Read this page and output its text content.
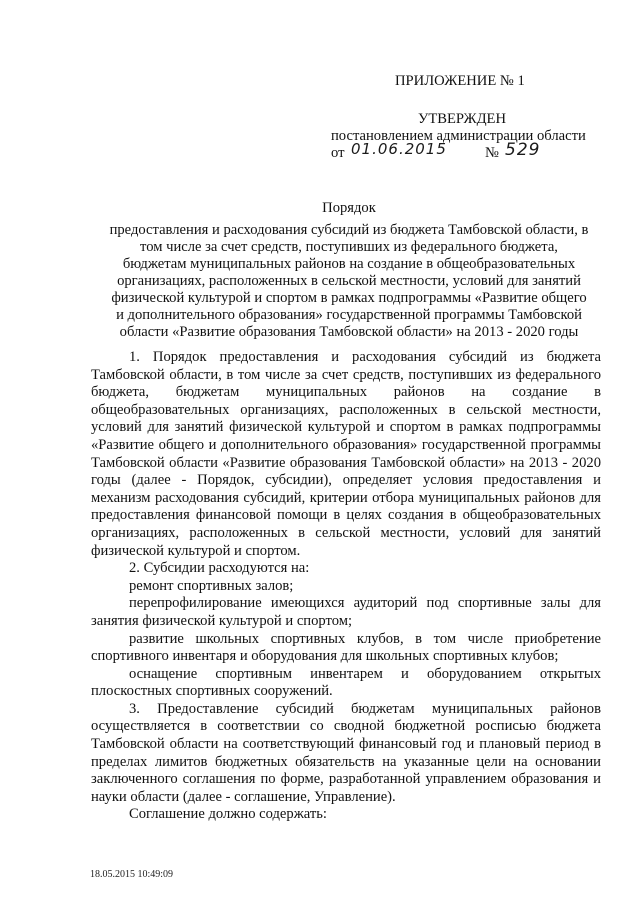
ПРИЛОЖЕНИЕ № 1
УТВЕРЖДЕН
постановлением администрации области
от 01.06.2015	№ 529
Порядок
предоставления и расходования субсидий из бюджета Тамбовской области, в
том числе за счет средств, поступивших из федерального бюджета,
бюджетам муниципальных районов на создание в общеобразовательных
организациях, расположенных в сельской местности, условий для занятий
физической культурой и спортом в рамках подпрограммы «Развитие общего
и дополнительного образования» государственной программы Тамбовской
области «Развитие образования Тамбовской области» на 2013 - 2020 годы

1. Порядок предоставления и расходования субсидий из бюджета Тамбовской области, в том числе за счет средств, поступивших из федерального бюджета, бюджетам муниципальных районов на создание в общеобразовательных организациях, расположенных в сельской местности, условий для занятий физической культурой и спортом в рамках подпрограммы «Развитие общего и дополнительного образования» государственной программы Тамбовской области «Развитие образования Тамбовской области» на 2013 - 2020 годы (далее - Порядок, субсидии), определяет условия предоставления и механизм расходования субсидий, критерии отбора муниципальных районов для предоставления финансовой помощи в целях создания в общеобразовательных организациях, расположенных в сельской местности, условий для занятий физической культурой и спортом.

2. Субсидии расходуются на:

ремонт спортивных залов;

перепрофилирование имеющихся аудиторий под спортивные залы для занятия физической культурой и спортом;

развитие школьных спортивных клубов, в том числе приобретение спортивного инвентаря и оборудования для школьных спортивных клубов;

оснащение спортивным инвентарем и оборудованием открытых плоскостных спортивных сооружений.

3. Предоставление субсидий бюджетам муниципальных районов осуществляется в соответствии со сводной бюджетной росписью бюджета Тамбовской области на соответствующий финансовый год и плановый период в пределах лимитов бюджетных обязательств на указанные цели на основании заключенного соглашения по форме, разработанной управлением образования и науки области (далее - соглашение, Управление).

Соглашение должно содержать:

18.05.2015 10:49:09
